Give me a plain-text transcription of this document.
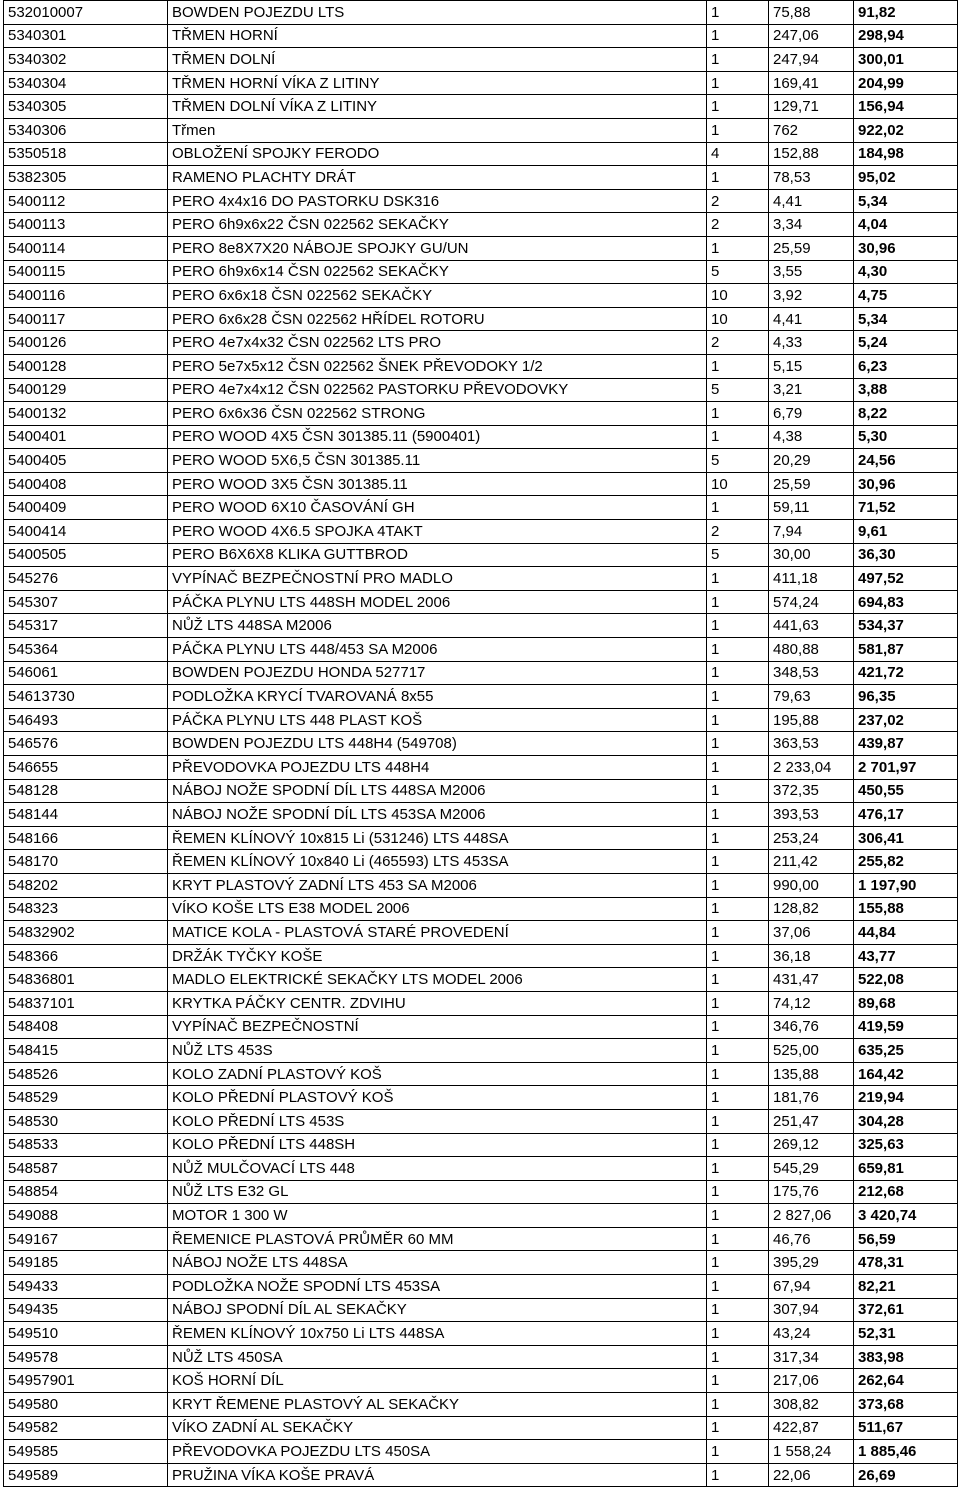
532010007	BOWDEN POJEZDU LTS	1	75,88	91,82
5340301	TŘMEN HORNÍ	1	247,06	298,94
5340302	TŘMEN DOLNÍ	1	247,94	300,01
5340304	TŘMEN HORNÍ VÍKA Z LITINY	1	169,41	204,99
5340305	TŘMEN DOLNÍ VÍKA Z LITINY	1	129,71	156,94
5340306	Třmen	1	762	922,02
5350518	OBLOŽENÍ SPOJKY FERODO	4	152,88	184,98
5382305	RAMENO PLACHTY DRÁT	1	78,53	95,02
5400112	PERO 4x4x16 DO PASTORKU DSK316	2	4,41	5,34
5400113	PERO 6h9x6x22 ČSN 022562 SEKAČKY	2	3,34	4,04
5400114	PERO 8e8X7X20 NÁBOJE SPOJKY GU/UN	1	25,59	30,96
5400115	PERO 6h9x6x14 ČSN 022562 SEKAČKY	5	3,55	4,30
5400116	PERO 6x6x18 ČSN 022562 SEKAČKY	10	3,92	4,75
5400117	PERO 6x6x28 ČSN 022562 HŘÍDEL ROTORU	10	4,41	5,34
5400126	PERO 4e7x4x32 ČSN 022562 LTS PRO	2	4,33	5,24
5400128	PERO 5e7x5x12 ČSN 022562 ŠNEK PŘEVODOKY 1/2	1	5,15	6,23
5400129	PERO 4e7x4x12 ČSN 022562 PASTORKU PŘEVODOVKY	5	3,21	3,88
5400132	PERO 6x6x36 ČSN 022562 STRONG	1	6,79	8,22
5400401	PERO WOOD 4X5 ČSN 301385.11 (5900401)	1	4,38	5,30
5400405	PERO WOOD 5X6,5 ČSN 301385.11	5	20,29	24,56
5400408	PERO WOOD 3X5 ČSN 301385.11	10	25,59	30,96
5400409	PERO WOOD 6X10 ČASOVÁNÍ GH	1	59,11	71,52
5400414	PERO WOOD 4X6.5 SPOJKA 4TAKT	2	7,94	9,61
5400505	PERO B6X6X8 KLIKA GUTTBROD	5	30,00	36,30
545276	VYPÍNAČ BEZPEČNOSTNÍ PRO MADLO	1	411,18	497,52
545307	PÁČKA PLYNU LTS 448SH MODEL 2006	1	574,24	694,83
545317	NŮŽ LTS 448SA M2006	1	441,63	534,37
545364	PÁČKA PLYNU LTS 448/453 SA M2006	1	480,88	581,87
546061	BOWDEN POJEZDU HONDA 527717	1	348,53	421,72
54613730	PODLOŽKA KRYCÍ TVAROVANÁ 8x55	1	79,63	96,35
546493	PÁČKA PLYNU LTS 448 PLAST KOŠ	1	195,88	237,02
546576	BOWDEN POJEZDU LTS 448H4 (549708)	1	363,53	439,87
546655	PŘEVODOVKA POJEZDU LTS 448H4	1	2 233,04	2 701,97
548128	NÁBOJ NOŽE SPODNÍ DÍL LTS 448SA M2006	1	372,35	450,55
548144	NÁBOJ NOŽE SPODNÍ DÍL LTS 453SA M2006	1	393,53	476,17
548166	ŘEMEN KLÍNOVÝ 10x815 Li (531246) LTS 448SA	1	253,24	306,41
548170	ŘEMEN KLÍNOVÝ 10x840 Li (465593) LTS 453SA	1	211,42	255,82
548202	KRYT PLASTOVÝ ZADNÍ LTS 453 SA M2006	1	990,00	1 197,90
548323	VÍKO KOŠE LTS E38 MODEL 2006	1	128,82	155,88
54832902	MATICE KOLA - PLASTOVÁ STARÉ PROVEDENÍ	1	37,06	44,84
548366	DRŽÁK TYČKY KOŠE	1	36,18	43,77
54836801	MADLO ELEKTRICKÉ SEKAČKY LTS MODEL 2006	1	431,47	522,08
54837101	KRYTKA PÁČKY CENTR. ZDVIHU	1	74,12	89,68
548408	VYPÍNAČ BEZPEČNOSTNÍ	1	346,76	419,59
548415	NŮŽ LTS 453S	1	525,00	635,25
548526	KOLO ZADNÍ PLASTOVÝ KOŠ	1	135,88	164,42
548529	KOLO PŘEDNÍ PLASTOVÝ KOŠ	1	181,76	219,94
548530	KOLO PŘEDNÍ LTS 453S	1	251,47	304,28
548533	KOLO PŘEDNÍ LTS 448SH	1	269,12	325,63
548587	NŮŽ MULČOVACÍ LTS 448	1	545,29	659,81
548854	NŮŽ LTS E32 GL	1	175,76	212,68
549088	MOTOR 1 300 W	1	2 827,06	3 420,74
549167	ŘEMENICE PLASTOVÁ PRŮMĚR 60 MM	1	46,76	56,59
549185	NÁBOJ NOŽE LTS 448SA	1	395,29	478,31
549433	PODLOŽKA NOŽE SPODNÍ LTS 453SA	1	67,94	82,21
549435	NÁBOJ SPODNÍ DÍL AL SEKAČKY	1	307,94	372,61
549510	ŘEMEN KLÍNOVÝ 10x750 Li LTS 448SA	1	43,24	52,31
549578	NŮŽ LTS 450SA	1	317,34	383,98
54957901	KOŠ HORNÍ DÍL	1	217,06	262,64
549580	KRYT ŘEMENE PLASTOVÝ AL SEKAČKY	1	308,82	373,68
549582	VÍKO ZADNÍ AL SEKAČKY	1	422,87	511,67
549585	PŘEVODOVKA POJEZDU LTS 450SA	1	1 558,24	1 885,46
549589	PRUŽINA VÍKA KOŠE PRAVÁ	1	22,06	26,69
